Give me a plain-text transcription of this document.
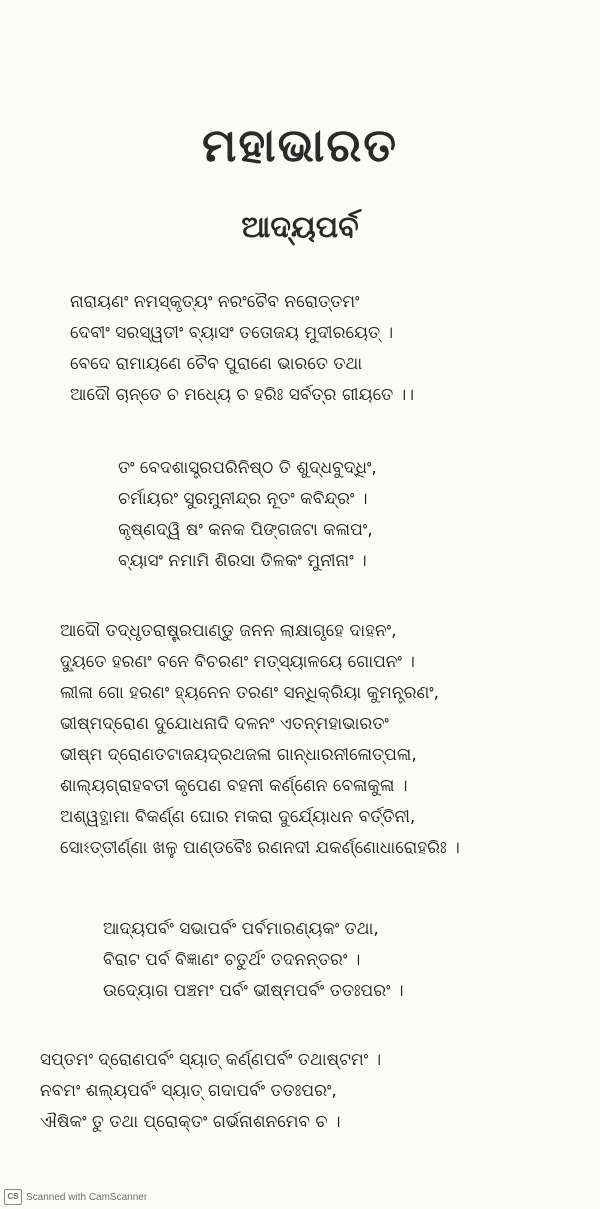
ମହାଭାରତ
ଆଦ୍ୟପର୍ବ
ନାରାୟଣଂ ନମସ୍କୃତ୍ୟଂ ନରଂଚୈବ ନରୋତ୍ତମଂ
ଦେବୀଂ ସରସ୍ୱତୀଂ ବ୍ୟାସଂ ତତୋଜୟ ମୁଦୀରୟେତ୍ ।
ବେଦେ ରାମାୟଣେ ଚୈବ ପୁରାଣେ ଭାରତେ ତଥା
ଆଦୌ ଚାନ୍ତେ ଚ ମଧ୍ୟେ ଚ ହରିଃ ସର୍ବତ୍ର ଗୀୟତେ ।।
ତଂ ବେଦଶାସ୍ତ୍ରପରିନିଷ୍ଠ ତି ଶୁଦ୍ଧବୁଦ୍ଧିଂ,
ଚର୍ମାୟରଂ ସୁରମୁନୀନ୍ଦ୍ର ନୂତଂ କବିନ୍ଦ୍ରଂ ।
କୃଷ୍ଣଦ୍ୱି ଷଂ କନକ ପିଙ୍ଗଜଟା କଳାପଂ,
ବ୍ୟାସଂ ନମାମି ଶିରସା ତିଳକଂ ମୁନୀନାଂ ।
ଆଦୌ ତଦ୍ଧୃତରାଷ୍ଟ୍ରପାଣ୍ଡୁ ଜନନ ଲାକ୍ଷାଗୃହେ ଦାହନଂ,
ଦ୍ୟୁତେ ହରଣଂ ବନେ ବିଚରଣଂ ମତ୍ସ୍ୟାଳୟେ ଗୋପନଂ ।
ଲୀଳା ଗୋ ହରଣଂ ହ୍ୟନେନ ତରଣଂ ସନ୍ଧିକ୍ରିୟା କୁମନ୍ତ୍ରଣଂ,
ଭୀଷ୍ମଦ୍ରୋଣ ଦୁଯୋଧନାଦି ଦଳନଂ ଏତନ୍ମହାଭାରତଂ
ଭୀଷ୍ମ ଦ୍ରୋଣତଟାଜୟଦ୍ରଥଜଳା ଗାନ୍ଧାରନୀଳୋତ୍ପଳା,
ଶାଲ୍ୟଗ୍ରାହବତୀ କୃପେଣ ବହନୀ କର୍ଣ୍ଣେନ ବେଳାକୁଳା ।
ଅଶ୍ୱତ୍ଥାମା ବିକର୍ଣ୍ଣ ଘୋର ମକରା ଦୁର୍ଯ୍ୟୋଧନ ବର୍ତ୍ତିନୀ,
ସୋଽତ୍ତୀର୍ଣ୍ଣା ଖଳୁ ପାଣ୍ଡବୈଃ ରଣନଦୀ ଯକର୍ଣ୍ଣୋଧାରୋହରିଃ ।
ଆଦ୍ୟପର୍ବଂ ସଭାପର୍ବଂ ପର୍ବମାରଣ୍ୟକଂ ତଥା,
ବିରାଟ ପର୍ବ ବିଜ୍ଞାଣଂ ଚତୁର୍ଥଂ ତଦନନ୍ତରଂ ।
ଉଦ୍ୟୋଗ ପଞ୍ଚମଂ ପର୍ବଂ ଭୀଷ୍ମପର୍ବଂ ତତଃପରଂ ।
ସପ୍ତମଂ ଦ୍ରୋଣପର୍ବଂ ସ୍ୟାତ୍ କର୍ଣ୍ଣପର୍ବଂ ତଥାଷ୍ଟମଂ ।
ନବମଂ ଶଲ୍ୟପର୍ବଂ ସ୍ୟାତ୍ ଗଦାପର୍ବଂ ତତଃପରଂ,
ଐଷିକଂ ତୁ ତଥା ପ୍ରୋକ୍ତଂ ଗର୍ଭନାଶନମେବ ଚ ।
CS Scanned with CamScanner
